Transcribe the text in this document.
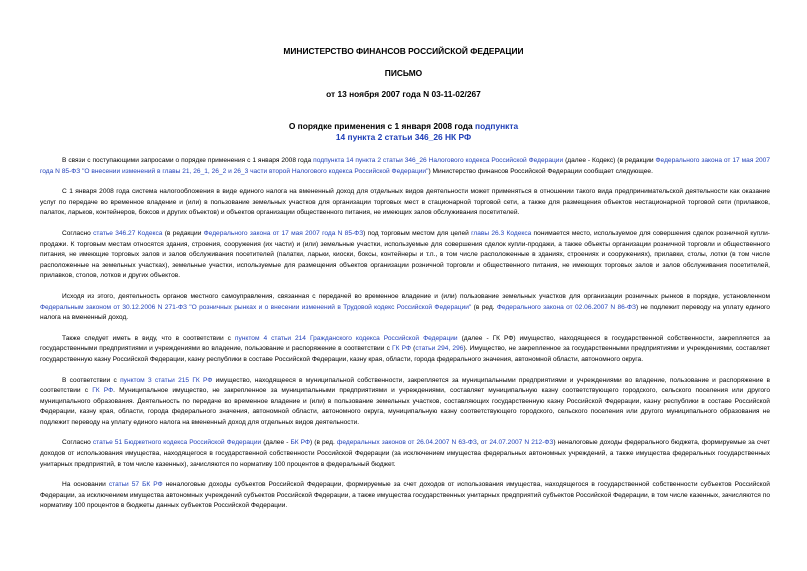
МИНИСТЕРСТВО ФИНАНСОВ РОССИЙСКОЙ ФЕДЕРАЦИИ
ПИСЬМО
от 13 ноября 2007 года N 03-11-02/267
О порядке применения с 1 января 2008 года подпункта
14 пункта 2 статьи 346_26 НК РФ

В связи с поступающими запросами о порядке применения с 1 января 2008 года подпункта 14 пункта 2 статьи 346_26 Налогового кодекса Российской Федерации (далее - Кодекс) (в редакции Федерального закона от 17 мая 2007 года N 85-ФЗ "О внесении изменений в главы 21, 26_1, 26_2 и 26_3 части второй Налогового кодекса Российской Федерации") Министерство финансов Российской Федерации сообщает следующее.

С 1 января 2008 года система налогообложения в виде единого налога на вмененный доход для отдельных видов деятельности может применяться в отношении такого вида предпринимательской деятельности как оказание услуг по передаче во временное владение и (или) в пользование земельных участков для организации торговых мест в стационарной торговой сети, а также для размещения объектов нестационарной торговой сети (прилавков, палаток, ларьков, контейнеров, боксов и других объектов) и объектов организации общественного питания, не имеющих залов обслуживания посетителей.

Согласно статье 346.27 Кодекса (в редакции Федерального закона от 17 мая 2007 года N 85-ФЗ) под торговым местом для целей главы 26.3 Кодекса понимается место, используемое для совершения сделок розничной купли-продажи. К торговым местам относятся здания, строения, сооружения (их части) и (или) земельные участки, используемые для совершения сделок купли-продажи, а также объекты организации розничной торговли и общественного питания, не имеющие торговых залов и залов обслуживания посетителей (палатки, ларьки, киоски, боксы, контейнеры и т.п., в том числе расположенные в зданиях, строениях и сооружениях), прилавки, столы, лотки (в том числе расположенные на земельных участках), земельные участки, используемые для размещения объектов организации розничной торговли и общественного питания, не имеющих торговых залов и залов обслуживания посетителей, прилавков, столов, лотков и других объектов.

Исходя из этого, деятельность органов местного самоуправления, связанная с передачей во временное владение и (или) пользование земельных участков для организации розничных рынков в порядке, установленном Федеральным законом от 30.12.2006 N 271-ФЗ "О розничных рынках и о внесении изменений в Трудовой кодекс Российской Федерации" (в ред. Федерального закона от 02.06.2007 N 86-ФЗ) не подлежит переводу на уплату единого налога на вмененный доход.

Также следует иметь в виду, что в соответствии с пунктом 4 статьи 214 Гражданского кодекса Российской Федерации (далее - ГК РФ) имущество, находящееся в государственной собственности, закрепляется за государственными предприятиями и учреждениями во владение, пользование и распоряжение в соответствии с ГК РФ (статьи 294, 296). Имущество, не закрепленное за государственными предприятиями и учреждениями, составляет государственную казну Российской Федерации, казну республики в составе Российской Федерации, казну края, области, города федерального значения, автономной области, автономного округа.

В соответствии с пунктом 3 статьи 215 ГК РФ имущество, находящееся в муниципальной собственности, закрепляется за муниципальными предприятиями и учреждениями во владение, пользование и распоряжение в соответствии с ГК РФ. Муниципальное имущество, не закрепленное за муниципальными предприятиями и учреждениями, составляет муниципальную казну соответствующего городского, сельского поселения или другого муниципального образования. Деятельность по передаче во временное владение и (или) в пользование земельных участков, составляющих государственную казну Российской Федерации, казну республики в составе Российской Федерации, казну края, области, города федерального значения, автономной области, автономного округа, муниципальную казну соответствующего городского, сельского поселения или другого муниципального образования не подлежит переводу на уплату единого налога на вмененный доход для отдельных видов деятельности.

Согласно статье 51 Бюджетного кодекса Российской Федерации (далее - БК РФ) (в ред. федеральных законов от 26.04.2007 N 63-ФЗ, от 24.07.2007 N 212-ФЗ) неналоговые доходы федерального бюджета, формируемые за счет доходов от использования имущества, находящегося в государственной собственности Российской Федерации (за исключением имущества федеральных автономных учреждений, а также имущества федеральных государственных унитарных предприятий, в том числе казенных), зачисляются по нормативу 100 процентов в федеральный бюджет.

На основании статьи 57 БК РФ неналоговые доходы субъектов Российской Федерации, формируемые за счет доходов от использования имущества, находящегося в государственной собственности субъектов Российской Федерации, за исключением имущества автономных учреждений субъектов Российской Федерации, а также имущества государственных унитарных предприятий субъектов Российской Федерации, в том числе казенных, зачисляются по нормативу 100 процентов в бюджеты данных субъектов Российской Федерации.
